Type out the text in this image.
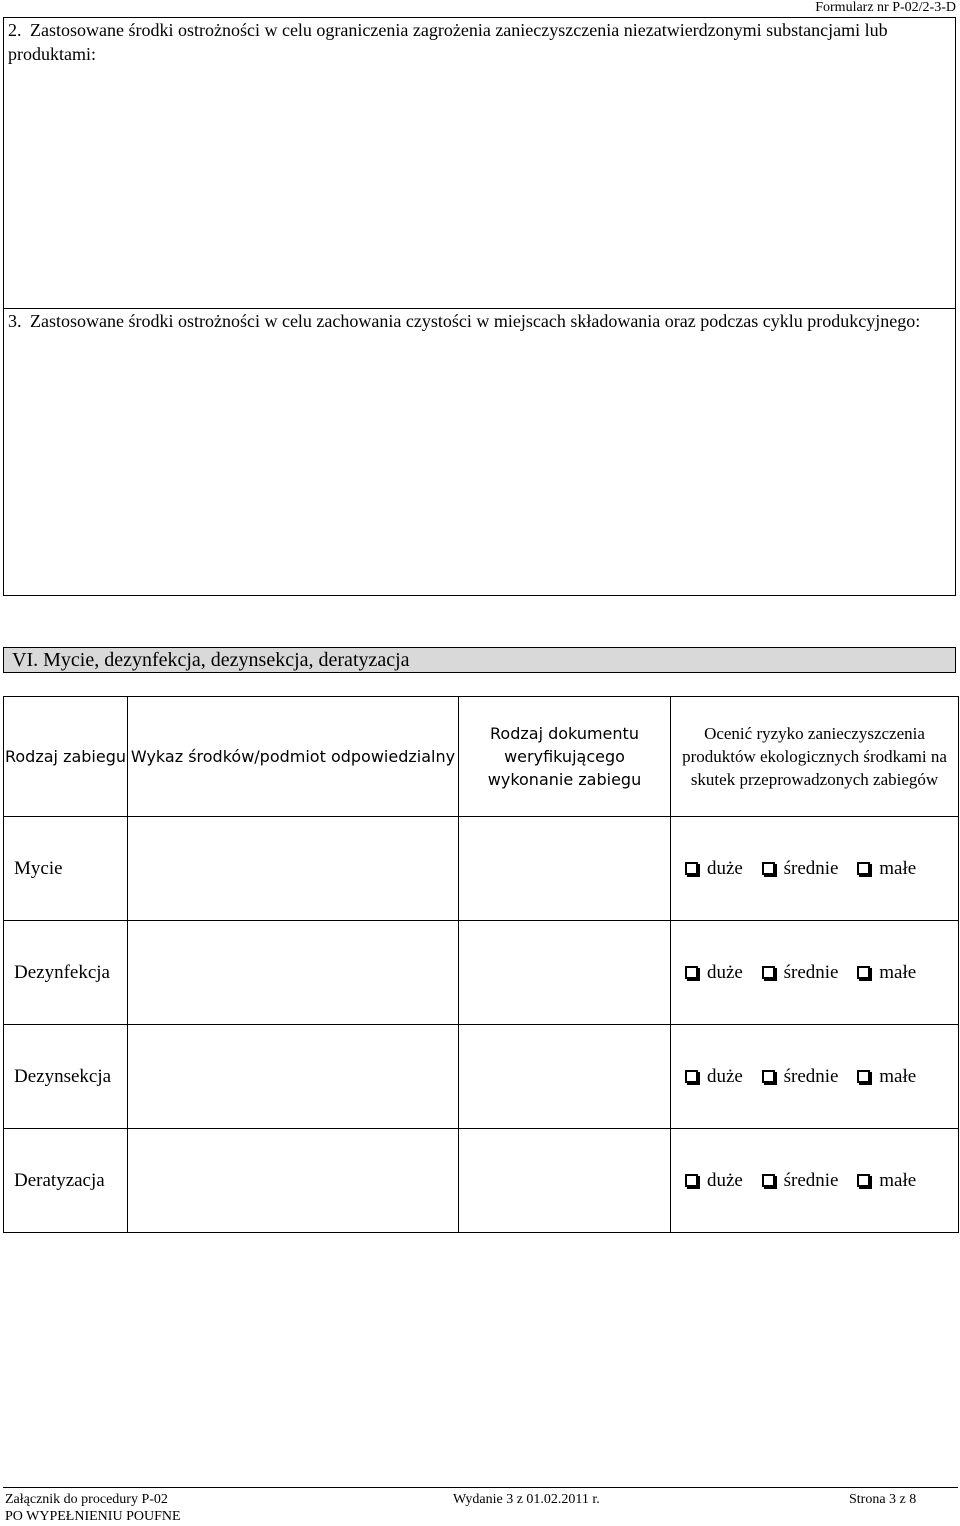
Formularz nr P-02/2-3-D
2. Zastosowane środki ostrożności w celu ograniczenia zagrożenia zanieczyszczenia niezatwierdzonymi substancjami lub produktami:
3. Zastosowane środki ostrożności w celu zachowania czystości w miejscach składowania oraz podczas cyklu produkcyjnego:
VI. Mycie, dezynfekcja, dezynsekcja, deratyzacja
Rodzaj zabiegu	Wykaz środków/podmiot odpowiedzialny	Rodzaj dokumentu weryfikującego wykonanie zabiegu	Ocenić ryzyko zanieczyszczenia produktów ekologicznych środkami na skutek przeprowadzonych zabiegów
Mycie			duże średnie małe
Dezynfekcja			duże średnie małe
Dezynsekcja			duże średnie małe
Deratyzacja			duże średnie małe
Załącznik do procedury P-02	Wydanie 3 z 01.02.2011 r.	Strona 3 z 8
PO WYPEŁNIENIU POUFNE
